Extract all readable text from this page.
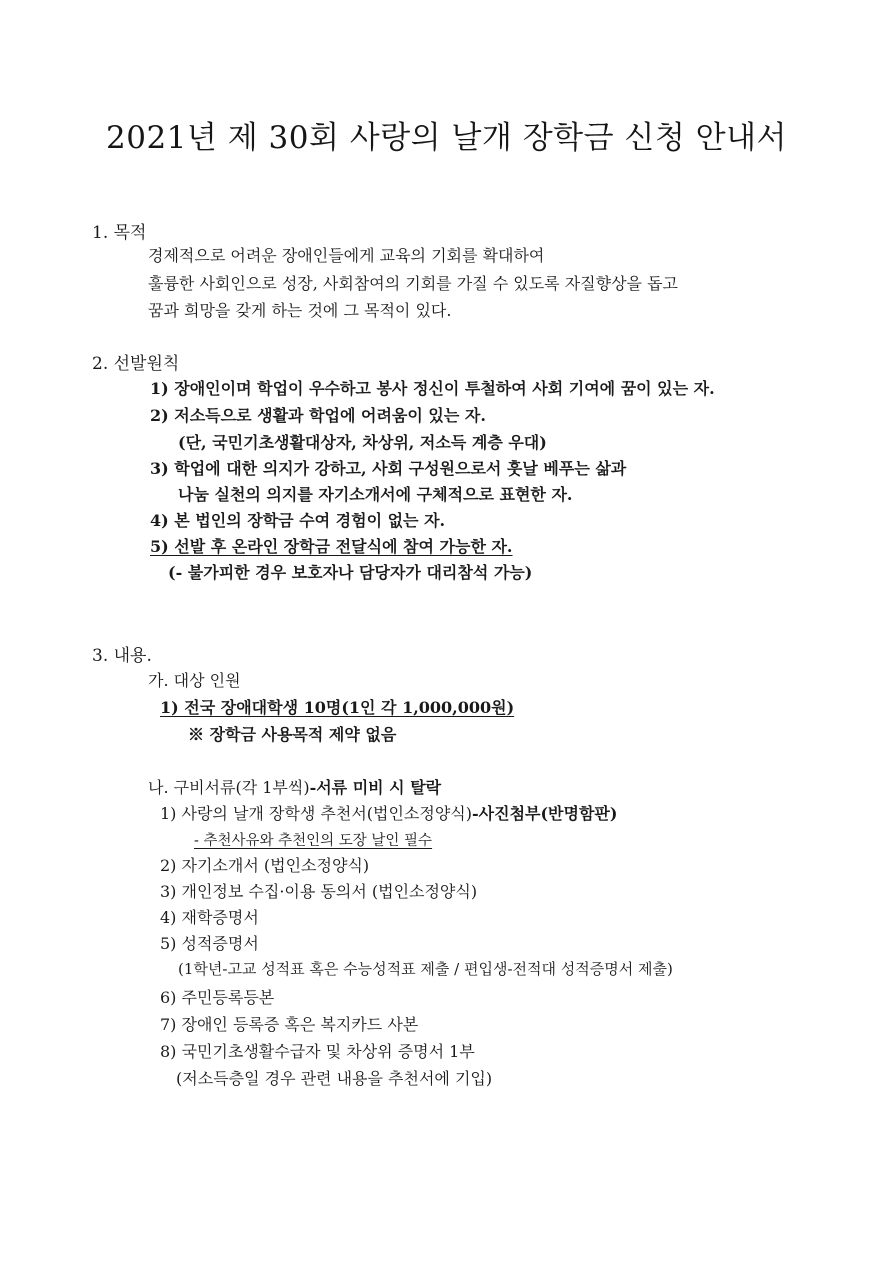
2021년 제 30회 사랑의 날개 장학금 신청 안내서
1. 목적
경제적으로 어려운 장애인들에게 교육의 기회를 확대하여
훌륭한 사회인으로 성장, 사회참여의 기회를 가질 수 있도록 자질향상을 돕고
꿈과 희망을 갖게 하는 것에 그 목적이 있다.
2. 선발원칙
1) 장애인이며 학업이 우수하고 봉사 정신이 투철하여 사회 기여에 꿈이 있는 자.
2) 저소득으로 생활과 학업에 어려움이 있는 자.
(단, 국민기초생활대상자, 차상위, 저소득 계층 우대)
3) 학업에 대한 의지가 강하고, 사회 구성원으로서 훗날 베푸는 삶과
나눔 실천의 의지를 자기소개서에 구체적으로 표현한 자.
4) 본 법인의 장학금 수여 경험이 없는 자.
5) 선발 후 온라인 장학금 전달식에 참여 가능한 자.
(- 불가피한 경우 보호자나 담당자가 대리참석 가능)
3. 내용.
가. 대상 인원
1) 전국 장애대학생 10명(1인 각 1,000,000원)
※ 장학금 사용목적 제약 없음
나. 구비서류(각 1부씩)-서류 미비 시 탈락
1) 사랑의 날개 장학생 추천서(법인소정양식)-사진첨부(반명함판)
- 추천사유와 추천인의 도장 날인 필수
2) 자기소개서 (법인소정양식)
3) 개인정보 수집·이용 동의서 (법인소정양식)
4) 재학증명서
5) 성적증명서
(1학년-고교 성적표 혹은 수능성적표 제출 / 편입생-전적대 성적증명서 제출)
6) 주민등록등본
7) 장애인 등록증 혹은 복지카드 사본
8) 국민기초생활수급자 및 차상위 증명서 1부
(저소득층일 경우 관련 내용을 추천서에 기입)
